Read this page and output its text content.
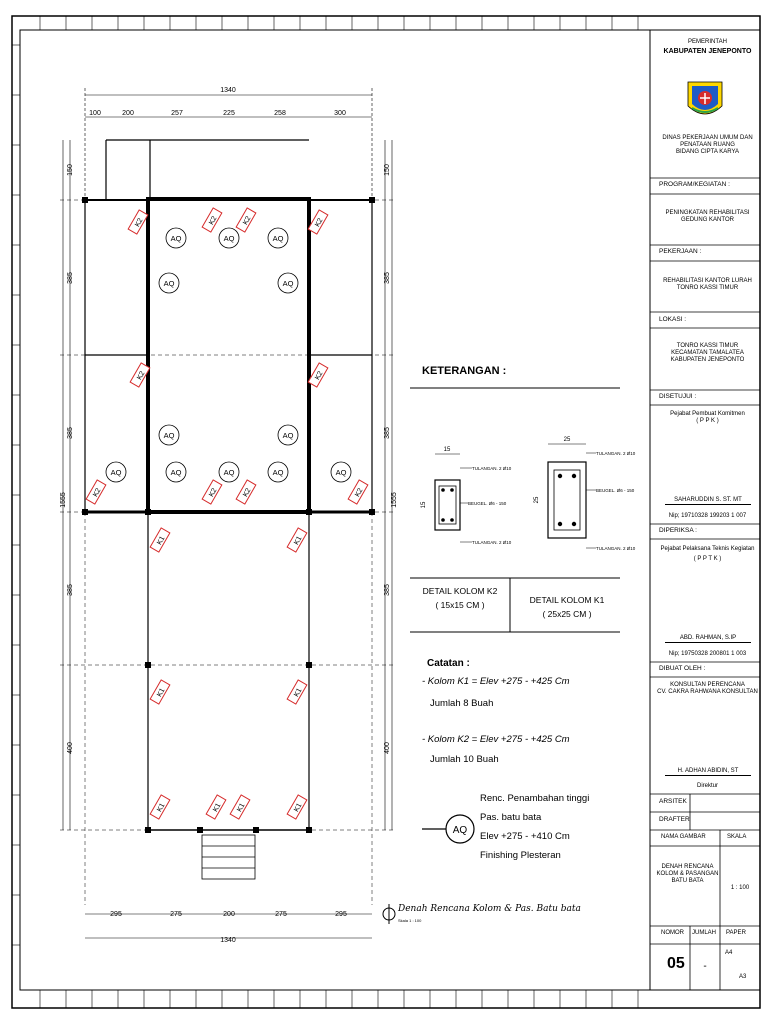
K2	K2	K2	K2
K2	K2
K2	K2	K2	K2
K1	K1
K1	K1
K1	K1 K1	K1
AQ	AQ	AQ
AQ	AQ
AQ	AQ
AQ	AQ	AQ	AQ	AQ
1340
100	200	257	225	258	300
295	275	200	275	295
1340
150
385
385
385
400
1555
150
385
385
385
400
1555
Denah Rencana Kolom & Pas. Batu bata
Skala 1 : 100
KETERANGAN :
15
15
TULANGAN. 2 Ø10
BEUGEL. Ø6 - 150
TULANGAN. 2 Ø10
DETAIL KOLOM K2
( 15x15 CM )
25
25
TULANGAN. 2 Ø10
BEUGEL. Ø6 - 150
TULANGAN. 2 Ø10
DETAIL KOLOM K1
( 25x25 CM )
Catatan :
- Kolom K1 = Elev +275 - +425 Cm
Jumlah 8 Buah
- Kolom K2 = Elev +275 - +425 Cm
Jumlah 10 Buah
AQ
Renc. Penambahan tinggi
Pas. batu bata
Elev +275 - +410 Cm
Finishing Plesteran
PEMERINTAH
KABUPATEN JENEPONTO
DINAS PEKERJAAN UMUM DAN
PENATAAN RUANG
BIDANG CIPTA KARYA
PROGRAM/KEGIATAN :
PENINGKATAN REHABILITASI
GEDUNG KANTOR
PEKERJAAN :
REHABILITASI KANTOR LURAH
TONRO KASSI TIMUR
LOKASI :
TONRO KASSI TIMUR
KECAMATAN TAMALATEA
KABUPATEN JENEPONTO
DISETUJUI :
Pejabat Pembuat Komitmen
( P P K )
SAHARUDDIN S. ST. MT
Nip; 19710328 199203 1 007
DIPERIKSA :
Pejabat Pelaksana Teknis Kegiatan
( P P T K )
ABD. RAHMAN, S.IP
Nip; 19750328 200801 1 003
DIBUAT OLEH :
KONSULTAN PERENCANA
CV. CAKRA RAHWANA KONSULTAN
H. ADHAN ABIDIN, ST
Direktur
ARSITEK
DRAFTER
NAMA GAMBAR	SKALA
DENAH RENCANA
KOLOM & PASANGAN
BATU BATA
1 : 100
NOMOR JUMLAH PAPER
05	-
A4
A3
